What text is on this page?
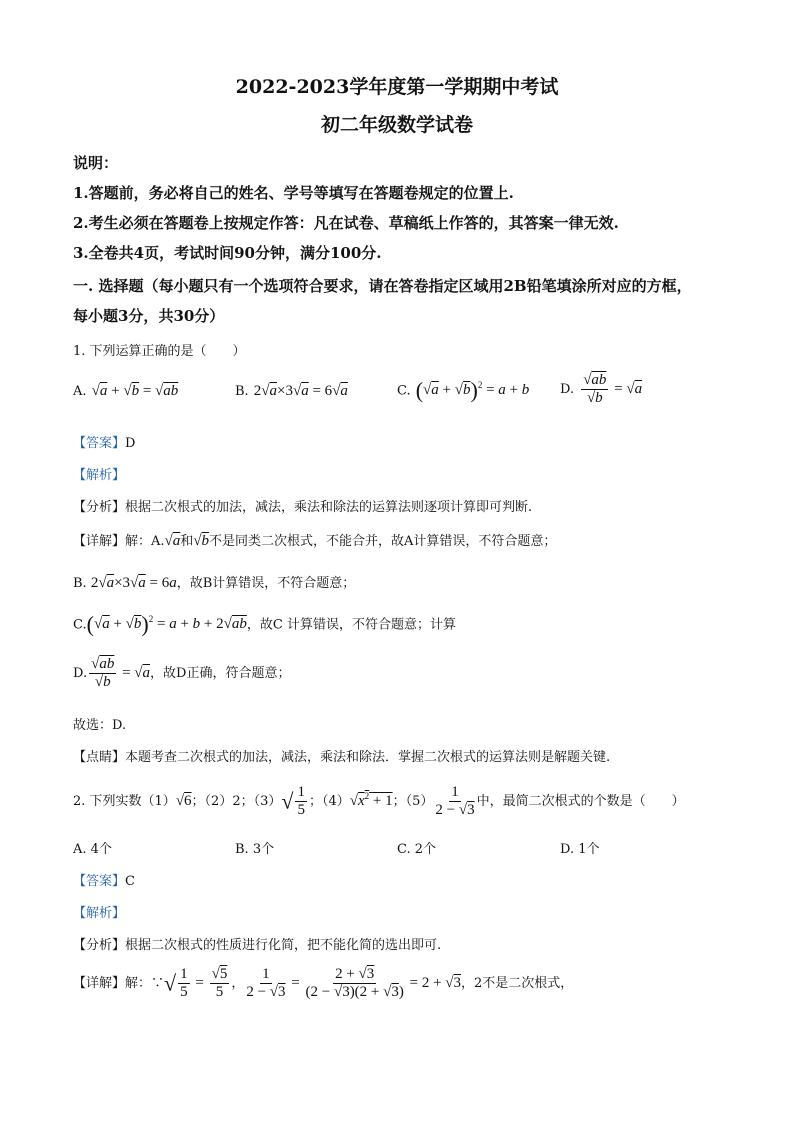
2022-2023学年度第一学期期中考试
初二年级数学试卷
说明：
1.答题前，务必将自己的姓名、学号等填写在答题卷规定的位置上.
2.考生必须在答题卷上按规定作答：凡在试卷、草稿纸上作答的，其答案一律无效.
3.全卷共4页，考试时间90分钟，满分100分.
一. 选择题（每小题只有一个选项符合要求，请在答卷指定区域用2B铅笔填涂所对应的方框，
每小题3分，共30分）
1. 下列运算正确的是（　　）
A. √a + √b = √ab	B. 2√a×3√a = 6√a	C. $(√a + √b)^2 = a + b$ D. $\frac{√ab}{√b} = √a$
【答案】D
【解析】
【分析】根据二次根式的加法，减法，乘法和除法的运算法则逐项计算即可判断.
【详解】解：A.√a和√b不是同类二次根式，不能合并，故A计算错误，不符合题意；
B. 2√a×3√a = 6a，故B计算错误，不符合题意；
$C.(√a + √b)^2 = a + b + 2√ab$，故C 计算错误，不符合题意；计算
D. $\frac{√ab}{√b} = √a$，故D正确，符合题意；
故选：D.
【点睛】本题考查二次根式的加法，减法，乘法和除法．掌握二次根式的运算法则是解题关键.
2. 下列实数（1）√6；（2）2；$(3)√ \frac{1}{5}$ ；$(4)√x^2 + 1$；$(5) \frac{1}{2 - √3}$ 中，最简二次根式的个数是（　　）
A. 4个	B. 3个	C. 2个	D. 1个
【答案】C
【解析】
【分析】根据二次根式的性质进行化简，把不能化简的选出即可.
【详解】解：∵√ $\frac{1}{5} = \frac{√5}{5}$ ， $\frac{1}{2 - √3} = \frac{2 + √3}{(2 - √3)(2 + √3)} = 2 + √3$，2不是二次根式，
